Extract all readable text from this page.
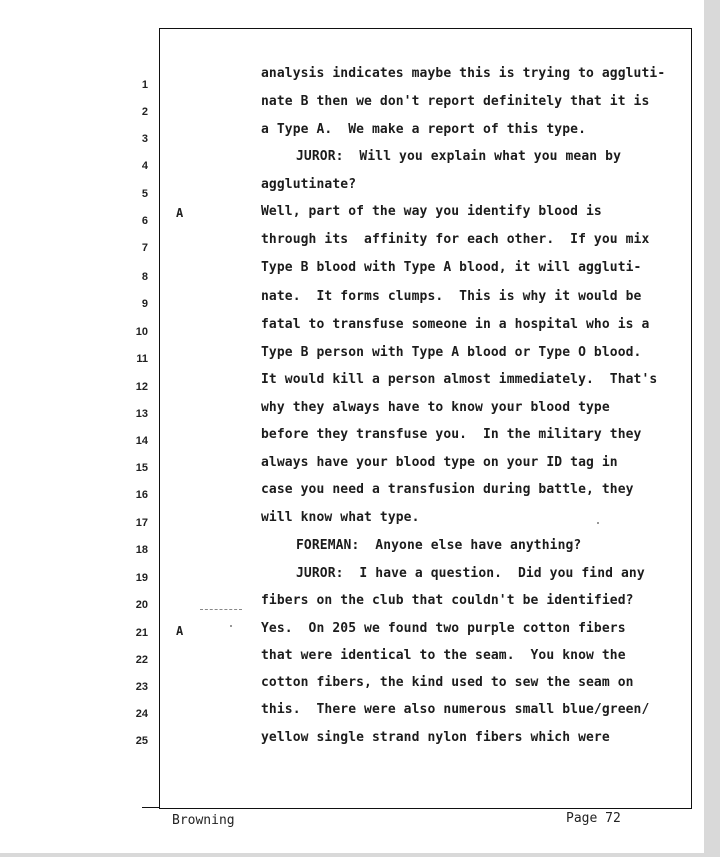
1
2
3
4
5
6
7
8
9
10
11
12
13
14
15
16
17
18
19
20
21
22
23
24
25
A
A
analysis indicates maybe this is trying to aggluti-
nate B then we don't report definitely that it is
a Type A.  We make a report of this type.
JUROR:  Will you explain what you mean by
agglutinate?
Well, part of the way you identify blood is
through its  affinity for each other.  If you mix
Type B blood with Type A blood, it will aggluti-
nate.  It forms clumps.  This is why it would be
fatal to transfuse someone in a hospital who is a
Type B person with Type A blood or Type O blood.
It would kill a person almost immediately.  That's
why they always have to know your blood type
before they transfuse you.  In the military they
always have your blood type on your ID tag in
case you need a transfusion during battle, they
will know what type.
FOREMAN:  Anyone else have anything?
JUROR:  I have a question.  Did you find any
fibers on the club that couldn't be identified?
Yes.  On 205 we found two purple cotton fibers
that were identical to the seam.  You know the
cotton fibers, the kind used to sew the seam on
this.  There were also numerous small blue/green/
yellow single strand nylon fibers which were
Browning	Page 72
